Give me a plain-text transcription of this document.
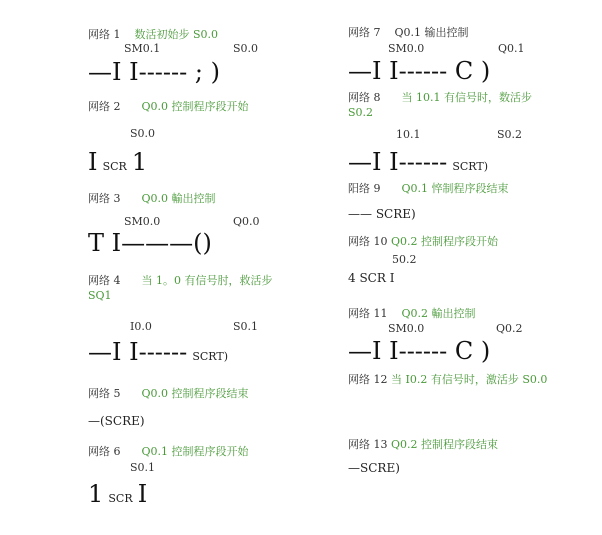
网络 1 数活初始步 S0.0
SM0.1	S0.0
—I I------ ; )
网络 2 Q0.0 控制程序段开始
S0.0
I SCR 1
网络 3 Q0.0 輸出控制
SM0.0	Q0.0
T I———()
网络 4 当 1。0 有信号肘，救活步
SQ1
I0.0	S0.1
—I I------ SCRT)
网络 5 Q0.0 控制程序段结束
—(SCRE)
网络 6 Q0.1 控制程序段开始
S0.1
1 SCR I
网络 7 Q0.1 输出控制
SM0.0	Q0.1
—I I------ C )
网络 8 当 10.1 有信号时，数活步
S0.2
10.1	S0.2
—I I------ SCRT)
阳络 9 Q0.1 悴制程序段结束
—— SCRE)
网络 10 Q0.2 控制程序段开始
50.2
4 SCR I
网络 11 Q0.2 輸出控制
SM0.0	Q0.2
—I I------ C )
网络 12 当 I0.2 有信号时，激活步 S0.0
网络 13 Q0.2 控制程序段结束
—SCRE)
